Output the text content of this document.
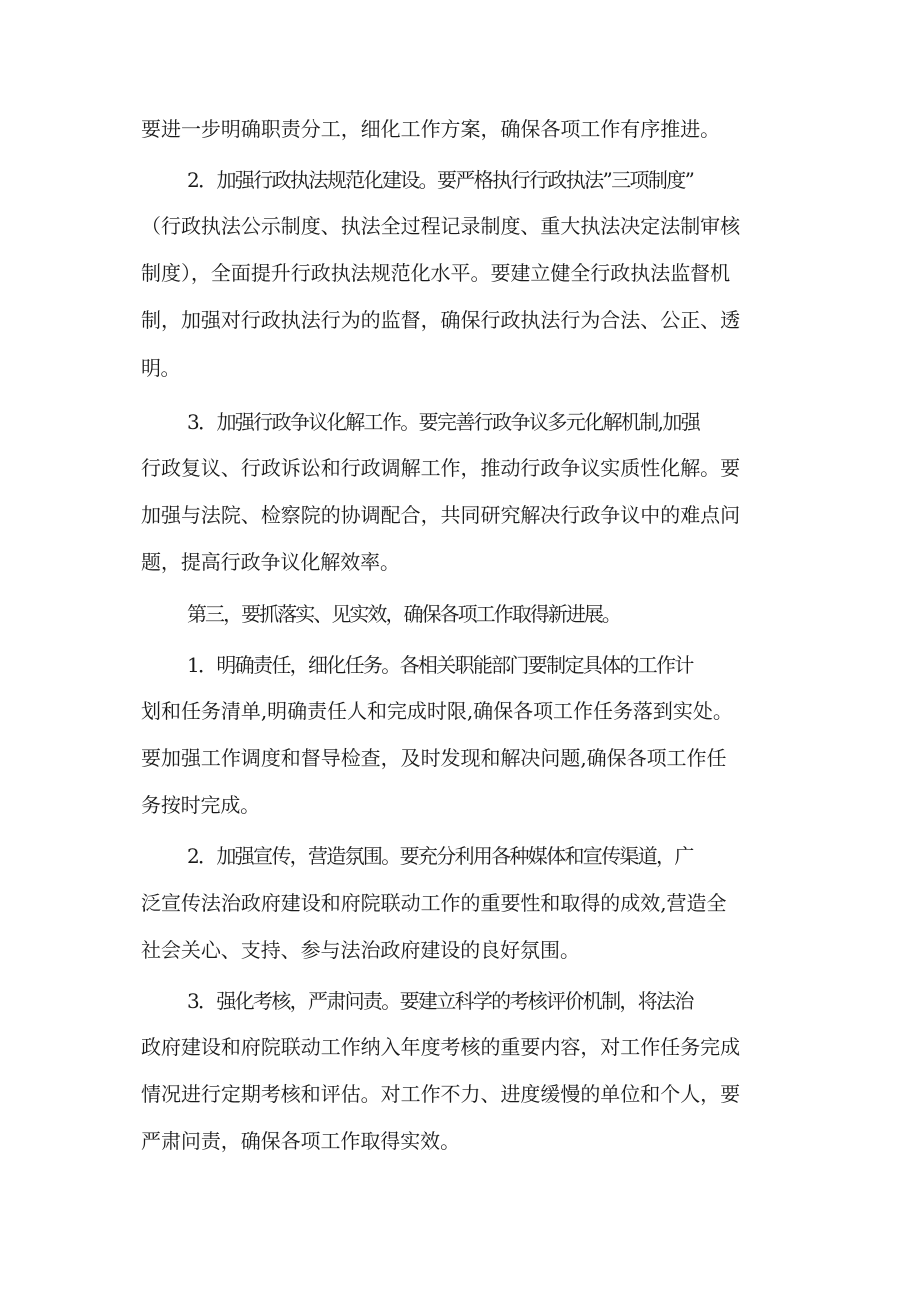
要进一步明确职责分工，细化工作方案，确保各项工作有序推进。
2．加强行政执法规范化建设。要严格执行行政执法”三项制度”
（行政执法公示制度、执法全过程记录制度、重大执法决定法制审核
制度），全面提升行政执法规范化水平。要建立健全行政执法监督机
制，加强对行政执法行为的监督，确保行政执法行为合法、公正、透
明。
3．加强行政争议化解工作。要完善行政争议多元化解机制,加强
行政复议、行政诉讼和行政调解工作，推动行政争议实质性化解。要
加强与法院、检察院的协调配合，共同研究解决行政争议中的难点问
题，提高行政争议化解效率。
第三，要抓落实、见实效，确保各项工作取得新进展。
1．明确责任，细化任务。各相关职能部门要制定具体的工作计
划和任务清单,明确责任人和完成时限,确保各项工作任务落到实处。
要加强工作调度和督导检查，及时发现和解决问题,确保各项工作任
务按时完成。
2．加强宣传，营造氛围。要充分利用各种媒体和宣传渠道，广
泛宣传法治政府建设和府院联动工作的重要性和取得的成效,营造全
社会关心、支持、参与法治政府建设的良好氛围。
3．强化考核，严肃问责。要建立科学的考核评价机制，将法治
政府建设和府院联动工作纳入年度考核的重要内容，对工作任务完成
情况进行定期考核和评估。对工作不力、进度缓慢的单位和个人，要
严肃问责，确保各项工作取得实效。
